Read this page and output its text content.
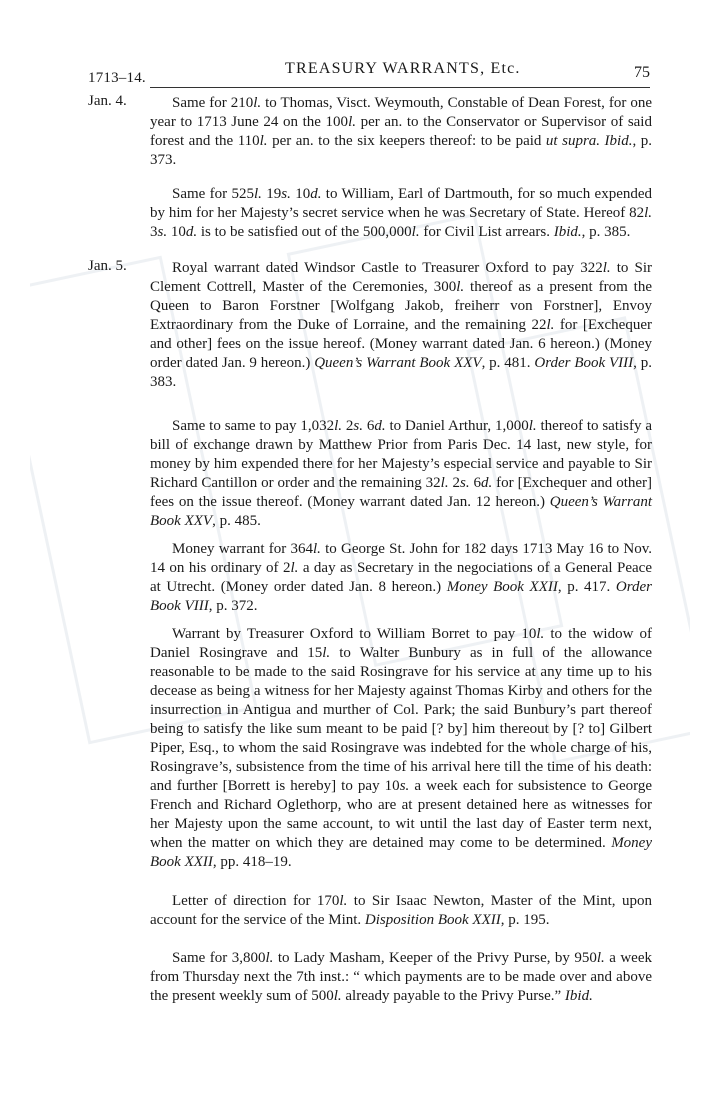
1713–14.
TREASURY WARRANTS, Etc.	75
Jan. 4.
Jan. 5.

Same for 210l. to Thomas, Visct. Weymouth, Constable of Dean Forest, for one year to 1713 June 24 on the 100l. per an. to the Conservator or Supervisor of said forest and the 110l. per an. to the six keepers thereof: to be paid ut supra. Ibid., p. 373.

Same for 525l. 19s. 10d. to William, Earl of Dartmouth, for so much expended by him for her Majesty’s secret service when he was Secretary of State. Hereof 82l. 3s. 10d. is to be satisfied out of the 500,000l. for Civil List arrears. Ibid., p. 385.

Royal warrant dated Windsor Castle to Treasurer Oxford to pay 322l. to Sir Clement Cottrell, Master of the Ceremonies, 300l. thereof as a present from the Queen to Baron Forstner [Wolfgang Jakob, freiherr von Forstner], Envoy Extraordinary from the Duke of Lorraine, and the remaining 22l. for [Exchequer and other] fees on the issue hereof. (Money warrant dated Jan. 6 hereon.) (Money order dated Jan. 9 hereon.) Queen’s Warrant Book XXV, p. 481. Order Book VIII, p. 383.

Same to same to pay 1,032l. 2s. 6d. to Daniel Arthur, 1,000l. thereof to satisfy a bill of exchange drawn by Matthew Prior from Paris Dec. 14 last, new style, for money by him expended there for her Majesty’s especial service and payable to Sir Richard Cantillon or order and the remaining 32l. 2s. 6d. for [Exchequer and other] fees on the issue thereof. (Money warrant dated Jan. 12 hereon.) Queen’s Warrant Book XXV, p. 485.

Money warrant for 364l. to George St. John for 182 days 1713 May 16 to Nov. 14 on his ordinary of 2l. a day as Secretary in the negociations of a General Peace at Utrecht. (Money order dated Jan. 8 hereon.) Money Book XXII, p. 417. Order Book VIII, p. 372.

Warrant by Treasurer Oxford to William Borret to pay 10l. to the widow of Daniel Rosingrave and 15l. to Walter Bunbury as in full of the allowance reasonable to be made to the said Rosingrave for his service at any time up to his decease as being a witness for her Majesty against Thomas Kirby and others for the insurrection in Antigua and murther of Col. Park; the said Bunbury’s part thereof being to satisfy the like sum meant to be paid [? by] him thereout by [? to] Gilbert Piper, Esq., to whom the said Rosingrave was indebted for the whole charge of his, Rosingrave’s, subsistence from the time of his arrival here till the time of his death: and further [Borrett is hereby] to pay 10s. a week each for subsistence to George French and Richard Oglethorp, who are at present detained here as witnesses for her Majesty upon the same account, to wit until the last day of Easter term next, when the matter on which they are detained may come to be determined. Money Book XXII, pp. 418–19.

Letter of direction for 170l. to Sir Isaac Newton, Master of the Mint, upon account for the service of the Mint. Disposition Book XXII, p. 195.

Same for 3,800l. to Lady Masham, Keeper of the Privy Purse, by 950l. a week from Thursday next the 7th inst.: “ which payments are to be made over and above the present weekly sum of 500l. already payable to the Privy Purse.” Ibid.
